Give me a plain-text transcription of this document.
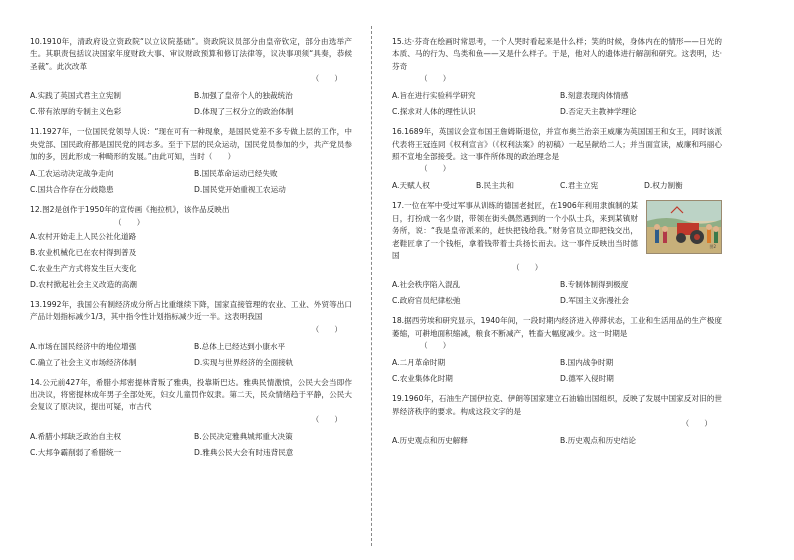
10.1910年，清政府设立资政院“以立议院基础”。资政院议员部分由皇帝钦定，部分由选举产生。其职责包括议决国家年度财政大事、审议财政预算和修订法律等，议决事项须“具奏，恭候圣裁”。此次改革
（　　）
A.实践了英国式君主立宪制	B.加强了皇帝个人的独裁统治
C.带有浓厚的专制主义色彩	D.体现了三权分立的政治体制
11.1927年，一位国民党领导人说：“现在可有一种现象，是国民党差不多专做上层的工作，中央党部、国民政府都是国民党的同志多。至于下层的民众运动，国民党员参加的少，共产党员参加的多，因此形成一种畸形的发展。”由此可知，当时（　　）
A.工农运动决定战争走向	B.国民革命运动已经失败
C.国共合作存在分歧隐患	D.国民党开始重视工农运动
12.图2是创作于1950年的宣传画《拖拉机》，该作品反映出
（　　）
A.农村开始走上人民公社化道路
B.农业机械化已在农村得到普及
C.农业生产方式将发生巨大变化
D.农村掀起社会主义改造的高潮
13.1992年，我国公有制经济成分所占比重继续下降，国家直接管理的农业、工业、外贸等出口产品计划指标减少1/3，其中指令性计划指标减少近一半。这表明我国
（　　）
A.市场在国民经济中的地位增强	B.总体上已经达到小康水平
C.确立了社会主义市场经济体制	D.实现与世界经济的全面接轨
14.公元前427年，希腊小邦密提林背叛了雅典，投靠斯巴达。雅典民情激愤，公民大会当即作出决议，将密提林成年男子全部处死，妇女儿童罚作奴隶。第二天，民众情绪趋于平静，公民大会复议了原决议，提出可疑，市古代
（　　）
A.希腊小邦缺乏政治自主权	B.公民决定雅典城邦重大决策
C.大邦争霸削弱了希腊统一	D.雅典公民大会有时违背民意
15.达·芬奇在绘画时常思考，一个人哭时看起来是什么样；笑的时候，身体内在的情形——日光的本质、马的行为、鸟类和鱼——又是什么样子。于是，他对人的遗体进行解剖和研究。这表明，达·芬奇
（　　）
A.旨在进行实验科学研究	B.刻意表现肉体情感
C.探求对人体的理性认识	D.否定天主教神学理论
16.1689年，英国议会宣布国王詹姆斯退位，并宣布奥兰治亲王威廉为英国国王和女王，同时该派代表将王冠连同《权利宣言》（《权利法案》的初稿）一起呈献给二人；并当面宣读，威廉和玛丽心照不宣地全部接受。这一事件所体现的政治理念是
（　　）
A.天赋人权	B.民主共和	C.君主立宪	D.权力制衡
图2
17.一位在军中受过军事从训练的德国老挝匠，在1906年利用隶旗制的某日，打扮成一名少尉，带领在街头偶然遇到的一个小队士兵，来到某镇财务所，说：“我是皇帝派来的，赶快把钱给我。”财务官员立即把钱交出，老鞋匠拿了一个钱柜，拿着钱带着士兵扬长而去。这一事件反映出当时德国
（　　）
A.社会秩序陷入混乱	B.专制体制得到极度
C.政府官员纪律松弛	D.军国主义弥漫社会
18.据西劳埃和研究显示，1940年间，一段时期内经济进入停滞状态，工业和生活用品的生产极度萎缩，可耕地面积缩减，粮食不断减产，牲畜大幅度减少。这一时期是
（　　）
A.二月革命时期	B.国内战争时期
C.农业集体化时期	D.德军入侵时期
19.1960年，石油生产国伊拉克、伊朗等国家建立石油输出国组织，反映了发展中国家反对旧的世界经济秩序的要求。构成这段文字的是
（　　）
A.历史观点和历史解释	B.历史观点和历史结论
